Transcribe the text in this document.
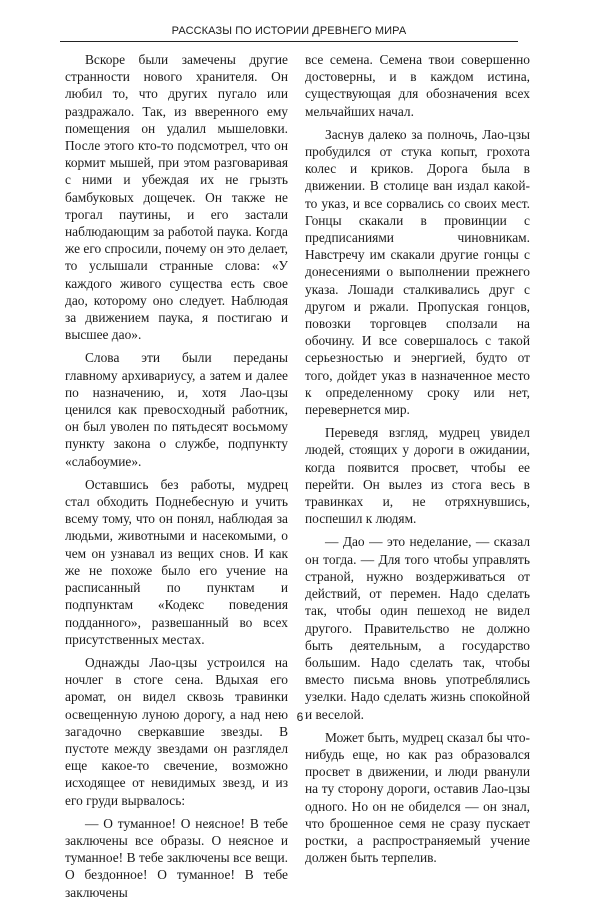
РАССКАЗЫ ПО ИСТОРИИ ДРЕВНЕГО МИРА

Вскоре были замечены другие странности нового хранителя. Он любил то, что других пугало или раздражало. Так, из вверенного ему помещения он удалил мышеловки. После этого кто-то подсмотрел, что он кормит мышей, при этом разговаривая с ними и убеждая их не грызть бамбуковых дощечек. Он также не трогал паутины, и его застали наблюдающим за работой паука. Когда же его спросили, почему он это делает, то услышали странные слова: «У каждого живого существа есть свое дао, которому оно следует. Наблюдая за движением паука, я постигаю и высшее дао».

Слова эти были переданы главному архивариусу, а затем и далее по назначению, и, хотя Лао-цзы ценился как превосходный работник, он был уволен по пятьдесят восьмому пункту закона о службе, подпункту «слабоумие».

Оставшись без работы, мудрец стал обходить Поднебесную и учить всему тому, что он понял, наблюдая за людьми, животными и насекомыми, о чем он узнавал из вещих снов. И как же не похоже было его учение на расписанный по пунктам и подпунктам «Кодекс поведения подданного», развешанный во всех присутственных местах.

Однажды Лао-цзы устроился на ночлег в стоге сена. Вдыхая его аромат, он видел сквозь травинки освещенную луною дорогу, а над нею загадочно сверкавшие звезды. В пустоте между звездами он разглядел еще какое-то свечение, возможно исходящее от невидимых звезд, и из его груди вырвалось:

— О туманное! О неясное! В тебе заключены все образы. О неясное и туманное! В тебе заключены все вещи. О бездонное! О туманное! В тебе заключены

все семена. Семена твои совершенно достоверны, и в каждом истина, существующая для обозначения всех мельчайших начал.

Заснув далеко за полночь, Лао-цзы пробудился от стука копыт, грохота колес и криков. Дорога была в движении. В столице ван издал какой-то указ, и все сорвались со своих мест. Гонцы скакали в провинции с предписаниями чиновникам. Навстречу им скакали другие гонцы с донесениями о выполнении прежнего указа. Лошади сталкивались друг с другом и ржали. Пропуская гонцов, повозки торговцев сползали на обочину. И все совершалось с такой серьезностью и энергией, будто от того, дойдет указ в назначенное место к определенному сроку или нет, перевернется мир.

Переведя взгляд, мудрец увидел людей, стоящих у дороги в ожидании, когда появится просвет, чтобы ее перейти. Он вылез из стога весь в травинках и, не отряхнувшись, поспешил к людям.

— Дао — это неделание, — сказал он тогда. — Для того чтобы управлять страной, нужно воздерживаться от действий, от перемен. Надо сделать так, чтобы один пешеход не видел другого. Правительство не должно быть деятельным, а государство большим. Надо сделать так, чтобы вместо письма вновь употреблялись узелки. Надо сделать жизнь спокойной и веселой.

Может быть, мудрец сказал бы что-нибудь еще, но как раз образовался просвет в движении, и люди рванули на ту сторону дороги, оставив Лао-цзы одного. Но он не обиделся — он знал, что брошенное семя не сразу пускает ростки, а распространяемый учение должен быть терпелив.

6
